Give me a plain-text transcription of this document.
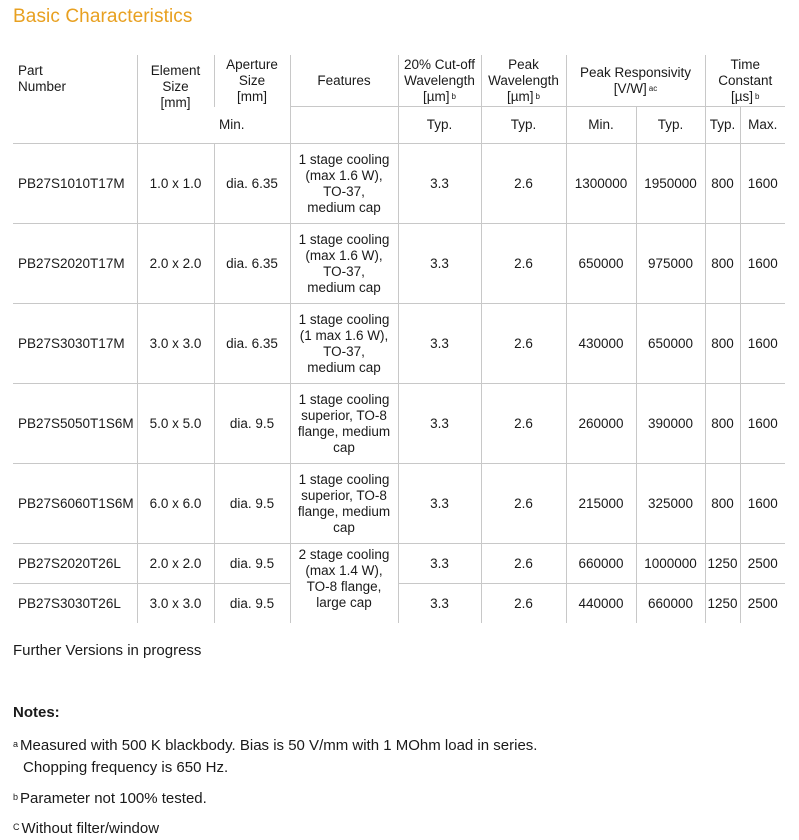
Basic Characteristics
Part
Number	Element
Size
[mm]	Aperture
Size
[mm]	Features	20% Cut-off
Wavelength
[µm] $^b$	Peak
Wavelength
[µm] $^b$	Peak Responsivity
[V/W] $^{ac}$		Time
Constant
[µs] $^b$
		Min.		Typ.	Typ.	Min.	Typ.	Typ.	Max.
PB27S1010T17M	1.0 x 1.0	dia. 6.35	1 stage cooling
(max 1.6 W),
TO-37,
medium cap	3.3	2.6	1300000	1950000	800	1600
PB27S2020T17M	2.0 x 2.0	dia. 6.35	1 stage cooling
(max 1.6 W),
TO-37,
medium cap	3.3	2.6	650000	975000	800	1600
PB27S3030T17M	3.0 x 3.0	dia. 6.35	1 stage cooling
(1 max 1.6 W),
TO-37,
medium cap	3.3	2.6	430000	650000	800	1600
PB27S5050T1S6M	5.0 x 5.0	dia. 9.5	1 stage cooling
superior, TO-8
flange, medium
cap	3.3	2.6	260000	390000	800	1600
PB27S6060T1S6M	6.0 x 6.0	dia. 9.5	1 stage cooling
superior, TO-8
flange, medium
cap	3.3	2.6	215000	325000	800	1600
PB27S2020T26L	2.0 x 2.0	dia. 9.5	2 stage cooling
(max 1.4 W),
TO-8 flange,
large cap	3.3	2.6	660000	1000000	1250	2500
PB27S3030T26L	3.0 x 3.0	dia. 9.5		3.3	2.6	440000	660000	1250	2500
Further Versions in progress
Notes:
$^a$ Measured with 500 K blackbody. Bias is 50 V/mm with 1 MOhm load in series.
Chopping frequency is 650 Hz.
$^b$ Parameter not 100% tested.
$^C$ Without filter/window
